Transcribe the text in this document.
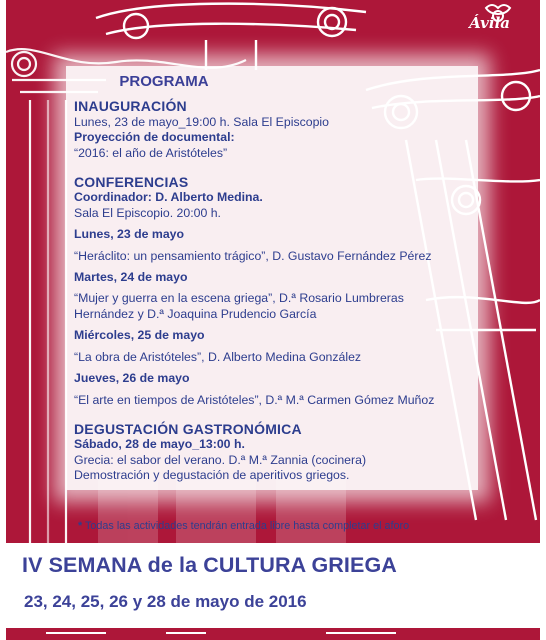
Ávila

PROGRAMA

INAUGURACIÓN

Lunes, 23 de mayo_19:00 h. Sala El Episcopio

Proyección de documental:

“2016: el año de Aristóteles”

CONFERENCIAS

Coordinador: D. Alberto Medina.

Sala El Episcopio. 20:00 h.

Lunes, 23 de mayo

“Heráclito: un pensamiento trágico”, D. Gustavo Fernández Pérez

Martes, 24 de mayo

“Mujer y guerra en la escena griega”, D.ª Rosario Lumbreras

Hernández y D.ª Joaquina Prudencio García

Miércoles, 25 de mayo

“La obra de Aristóteles”, D. Alberto Medina González

Jueves, 26 de mayo

“El arte en tiempos de Aristóteles”, D.ª M.ª Carmen Gómez Muñoz

DEGUSTACIÓN GASTRONÓMICA

Sábado, 28 de mayo_13:00 h.

Grecia: el sabor del verano. D.ª M.ª Zannia (cocinera)

Demostración y degustación de aperitivos griegos.

* Todas las actividades tendrán entrada libre hasta completar el aforo

IV SEMANA de la CULTURA GRIEGA

23, 24, 25, 26 y 28 de mayo de 2016
